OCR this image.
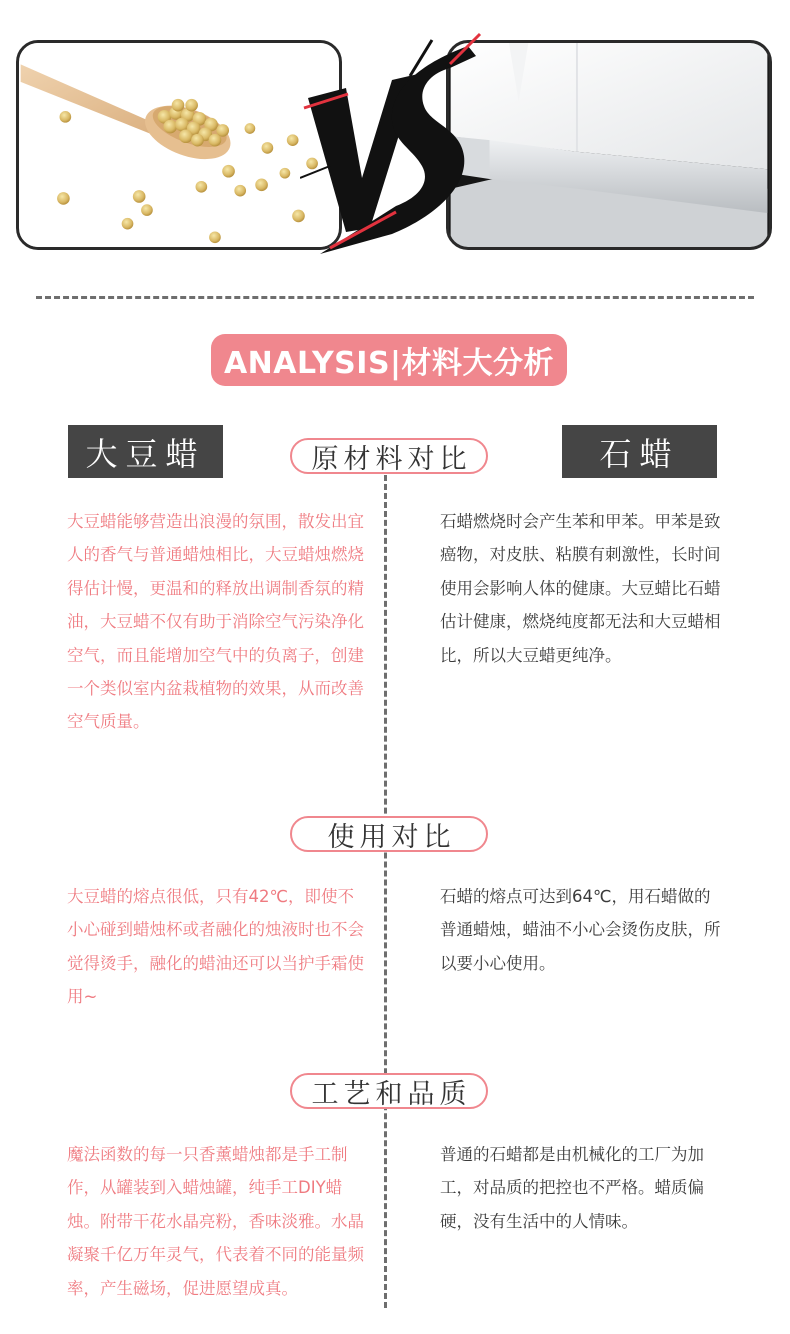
ANALYSIS|材料大分析
大豆蜡	石蜡
原材料对比
大豆蜡能够营造出浪漫的氛围，散发出宜人的香气与普通蜡烛相比，大豆蜡烛燃烧得估计慢，更温和的释放出调制香氛的精油，大豆蜡不仅有助于消除空气污染净化空气，而且能增加空气中的负离子，创建一个类似室内盆栽植物的效果，从而改善空气质量。
石蜡燃烧时会产生苯和甲苯。甲苯是致癌物，对皮肤、粘膜有刺激性，长时间使用会影响人体的健康。大豆蜡比石蜡估计健康，燃烧纯度都无法和大豆蜡相比，所以大豆蜡更纯净。
使用对比
大豆蜡的熔点很低，只有42℃，即使不小心碰到蜡烛杯或者融化的烛液时也不会觉得烫手，融化的蜡油还可以当护手霜使用~
石蜡的熔点可达到64℃，用石蜡做的普通蜡烛，蜡油不小心会烫伤皮肤，所以要小心使用。
工艺和品质
魔法函数的每一只香薰蜡烛都是手工制作，从罐装到入蜡烛罐，纯手工DIY蜡烛。附带干花水晶亮粉，香味淡雅。水晶凝聚千亿万年灵气，代表着不同的能量频率，产生磁场，促进愿望成真。
普通的石蜡都是由机械化的工厂为加工，对品质的把控也不严格。蜡质偏硬，没有生活中的人情味。
